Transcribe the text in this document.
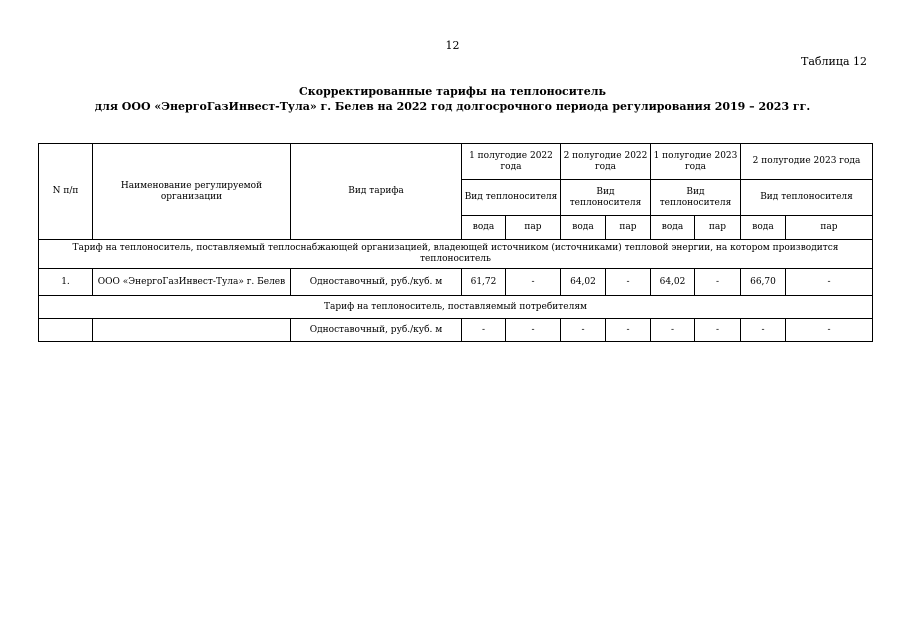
12
Таблица 12
Скорректированные тарифы на теплоноситель
для ООО «ЭнергоГазИнвест-Тула» г. Белев на 2022 год долгосрочного периода регулирования 2019 – 2023 гг.
N п/п	Наименование регулируемой организации	Вид тарифа	1 полугодие 2022 года		2 полугодие 2022 года		1 полугодие 2023 года		2 полугодие 2023 года	
			Вид теплоносителя		Вид теплоносителя		Вид теплоносителя		Вид теплоносителя	
			вода	пар	вода	пар	вода	пар	вода	пар
Тариф на теплоноситель, поставляемый теплоснабжающей организацией, владеющей источником (источниками) тепловой энергии, на котором производится теплоноситель										
1.	ООО «ЭнергоГазИнвест-Тула» г. Белев	Одноставочный, руб./куб. м	61,72	-	64,02	-	64,02	-	66,70	-
Тариф на теплоноситель, поставляемый потребителям										
		Одноставочный, руб./куб. м	-	-	-	-	-	-	-	-
